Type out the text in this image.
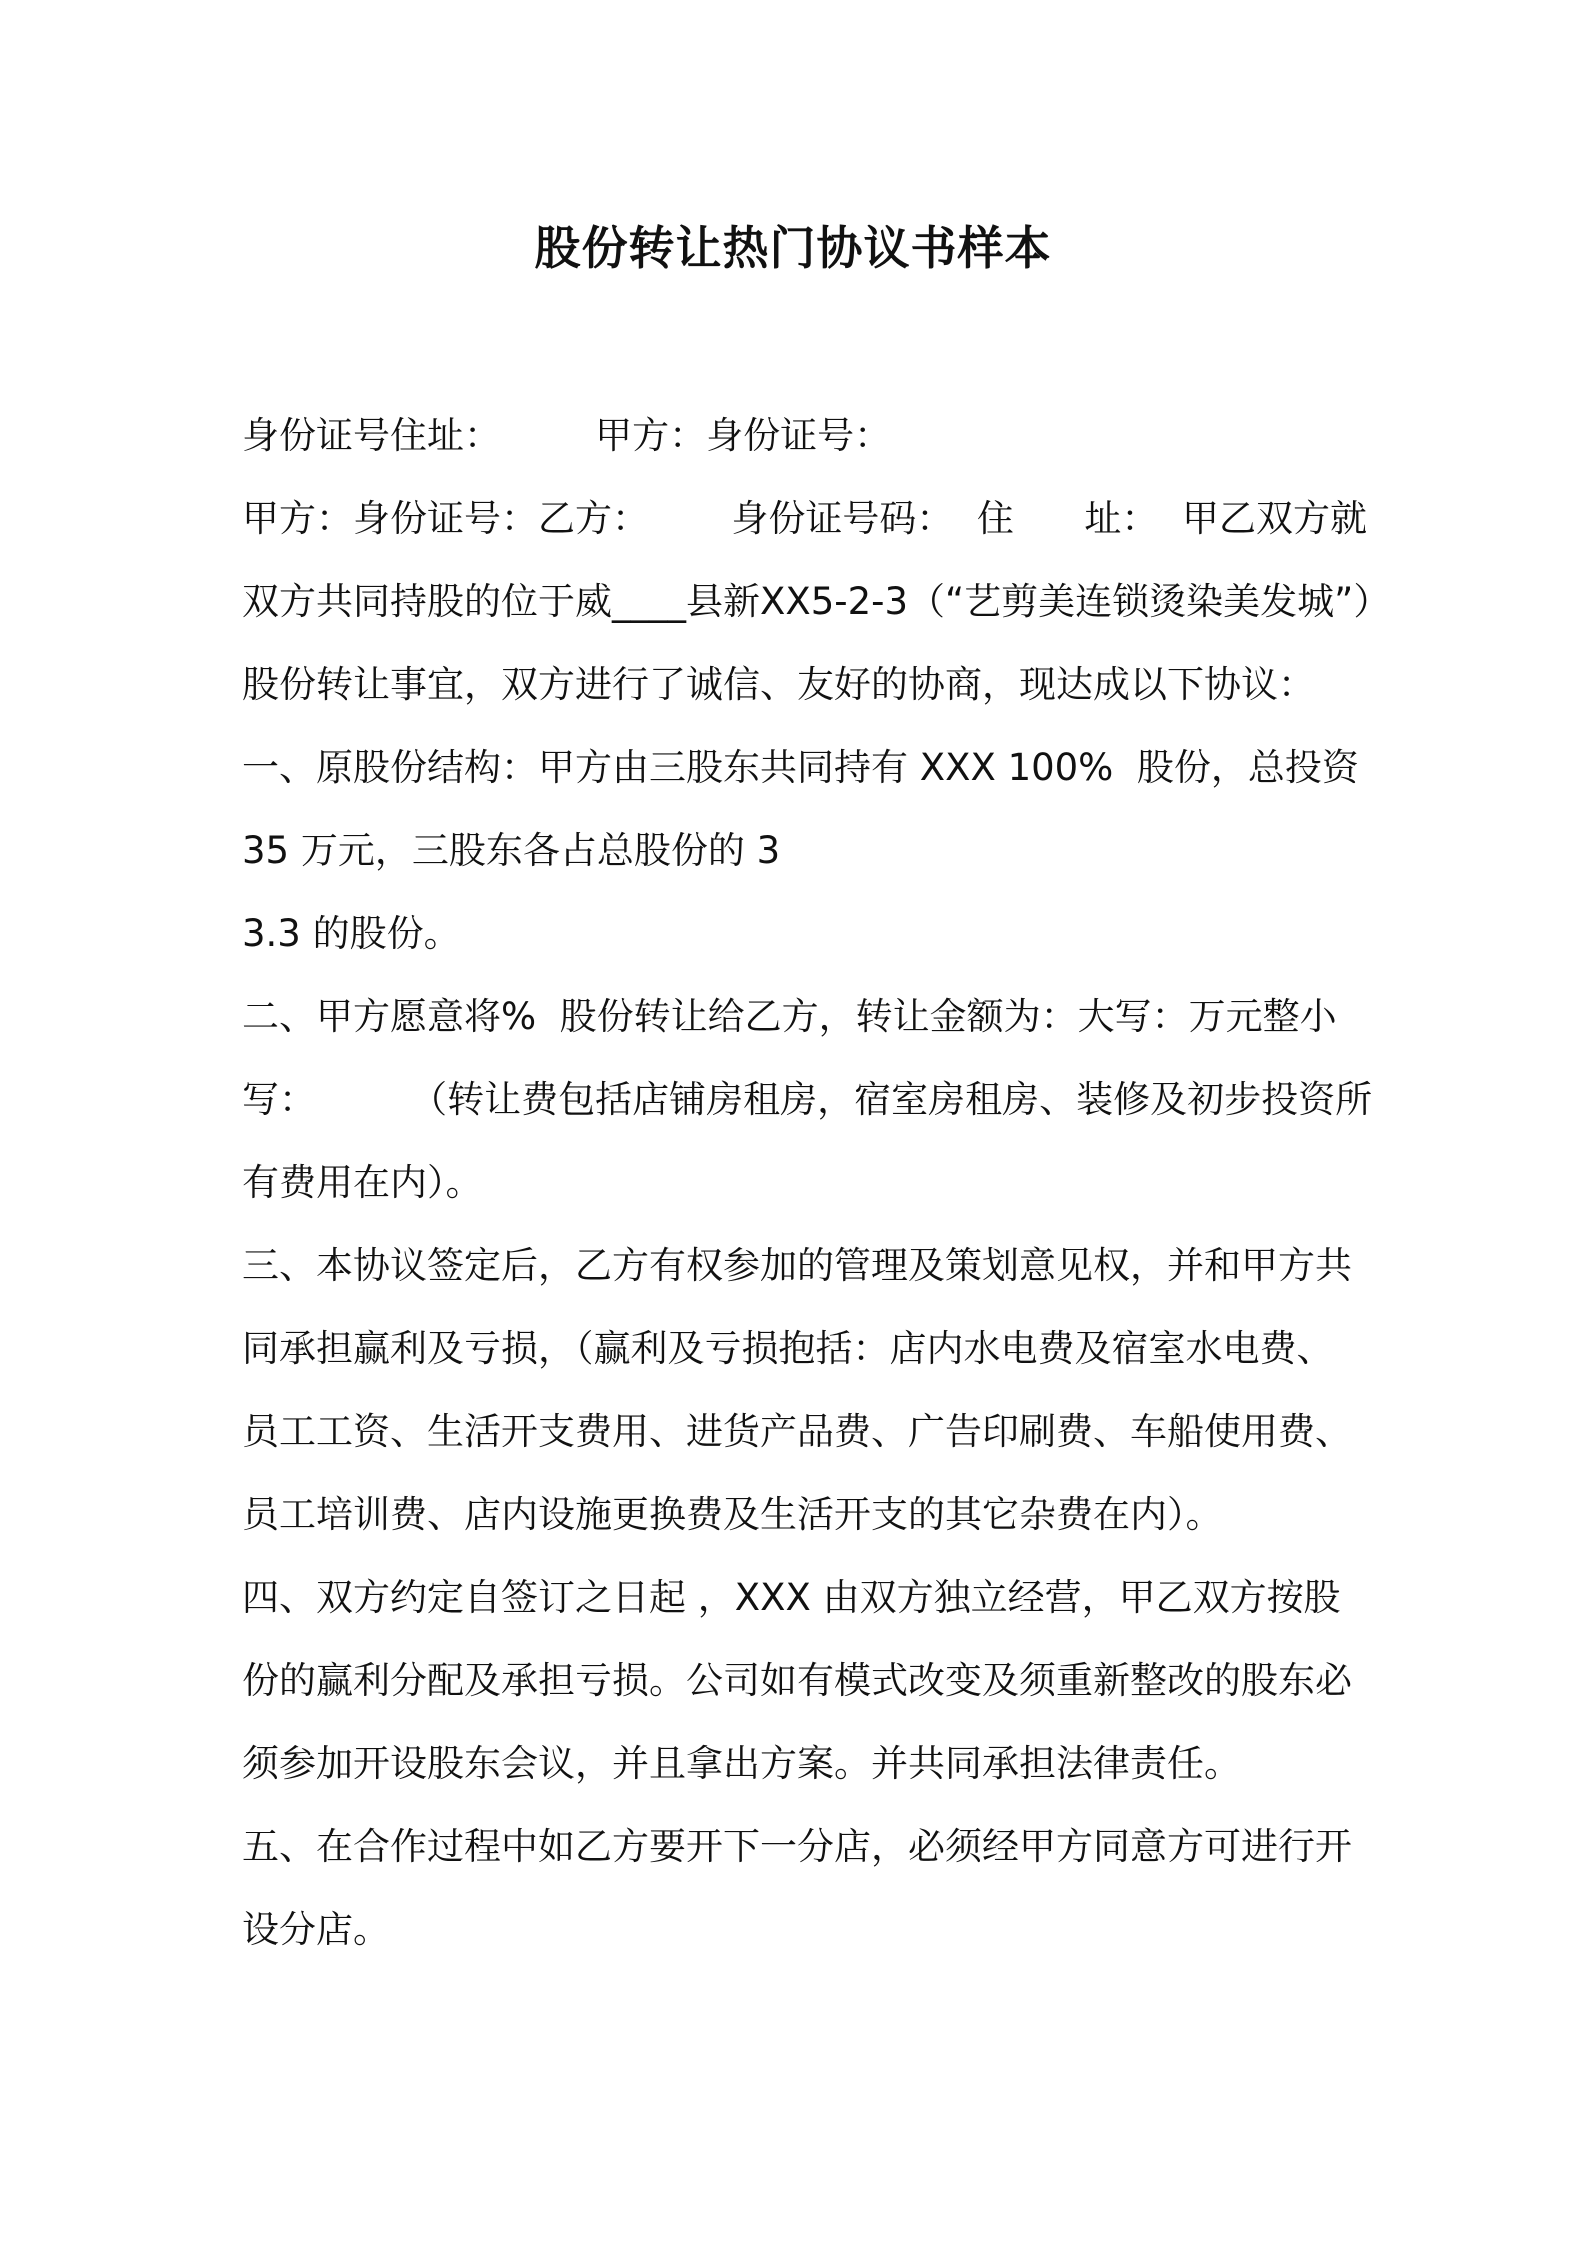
股份转让热门协议书样本
身份证号住址：        甲方：身份证号：
甲方：身份证号：乙方：       身份证号码：  住      址：  甲乙双方就
双方共同持股的位于威____县新XX5-2-3（“艺剪美连锁烫染美发城”）
股份转让事宜，双方进行了诚信、友好的协商，现达成以下协议：
一、原股份结构：甲方由三股东共同持有 XXX 100%  股份，总投资
35 万元，三股东各占总股份的 3
3.3 的股份。
二、甲方愿意将%  股份转让给乙方，转让金额为：大写：万元整小
写：        （转让费包括店铺房租房，宿室房租房、装修及初步投资所
有费用在内）。
三、本协议签定后，乙方有权参加的管理及策划意见权，并和甲方共
同承担赢利及亏损，（赢利及亏损抱括：店内水电费及宿室水电费、
员工工资、生活开支费用、进货产品费、广告印刷费、车船使用费、
员工培训费、店内设施更换费及生活开支的其它杂费在内）。
四、双方约定自签订之日起 ，XXX 由双方独立经营，甲乙双方按股
份的赢利分配及承担亏损。公司如有模式改变及须重新整改的股东必
须参加开设股东会议，并且拿出方案。并共同承担法律责任。
五、在合作过程中如乙方要开下一分店，必须经甲方同意方可进行开
设分店。
